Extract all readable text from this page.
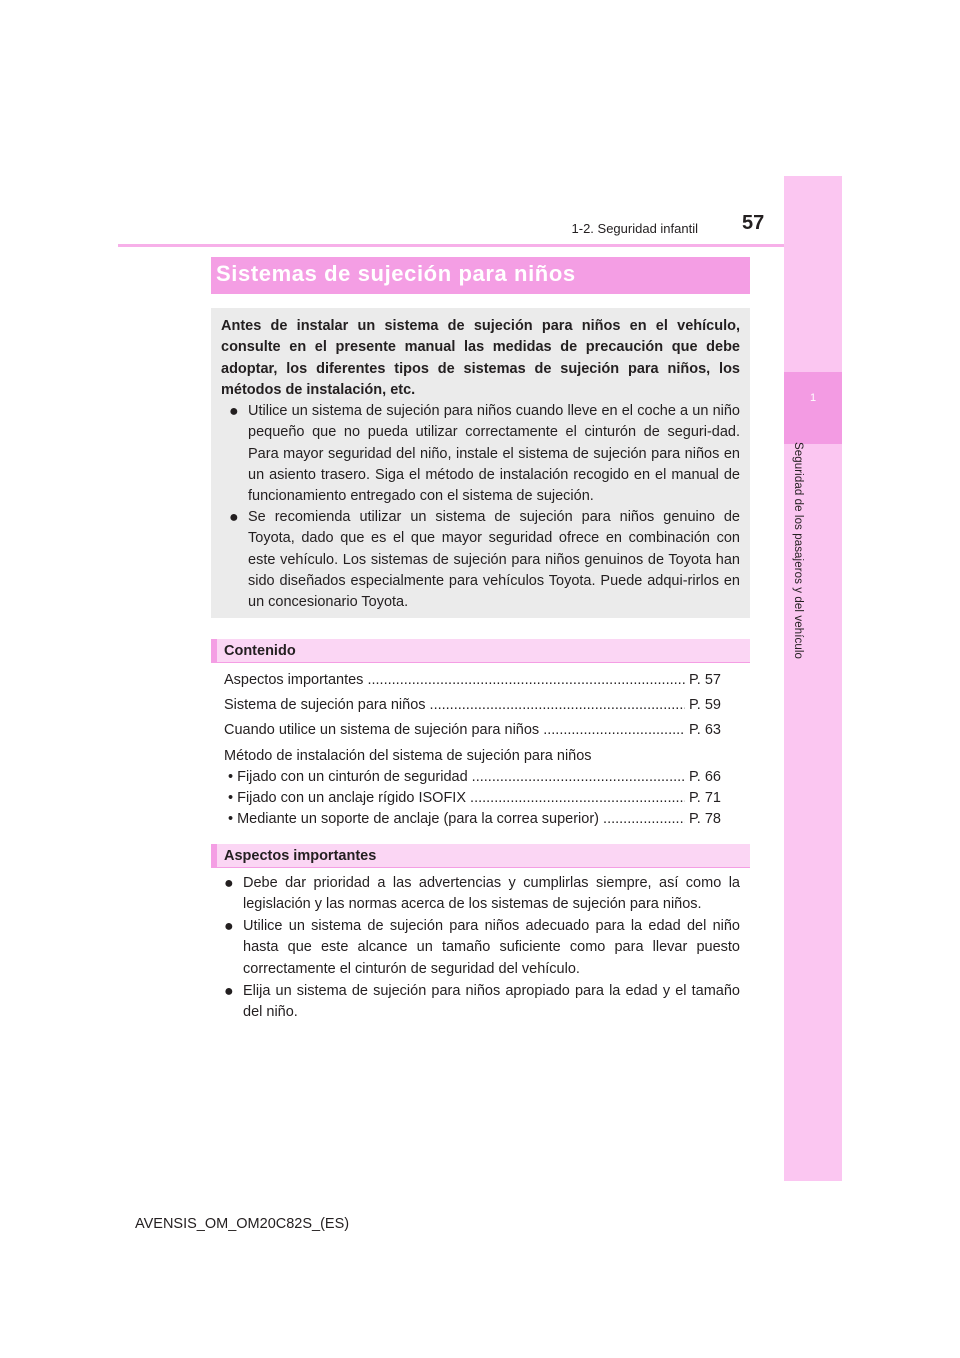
1
Seguridad de los pasajeros y del vehículo
1-2. Seguridad infantil 57
Sistemas de sujeción para niños
Antes de instalar un sistema de sujeción para niños en el vehículo, consulte en el presente manual las medidas de precaución que debe adoptar, los diferentes tipos de sistemas de sujeción para niños, los métodos de instalación, etc.
● Utilice un sistema de sujeción para niños cuando lleve en el coche a un niño pequeño que no pueda utilizar correctamente el cinturón de seguri-dad. Para mayor seguridad del niño, instale el sistema de sujeción para niños en un asiento trasero. Siga el método de instalación recogido en el manual de funcionamiento entregado con el sistema de sujeción.
● Se recomienda utilizar un sistema de sujeción para niños genuino de Toyota, dado que es el que mayor seguridad ofrece en combinación con este vehículo. Los sistemas de sujeción para niños genuinos de Toyota han sido diseñados especialmente para vehículos Toyota. Puede adqui-rirlos en un concesionario Toyota.
Contenido
Aspectos importantes .....	P. 57
Sistema de sujeción para niños .....	P. 59
Cuando utilice un sistema de sujeción para niños .....	P. 63
Método de instalación del sistema de sujeción para niños
• Fijado con un cinturón de seguridad .....	P. 66
• Fijado con un anclaje rígido ISOFIX .....	P. 71
• Mediante un soporte de anclaje (para la correa superior) .....	P. 78
Aspectos importantes
● Debe dar prioridad a las advertencias y cumplirlas siempre, así como la legislación y las normas acerca de los sistemas de sujeción para niños.
● Utilice un sistema de sujeción para niños adecuado para la edad del niño hasta que este alcance un tamaño suficiente como para llevar puesto correctamente el cinturón de seguridad del vehículo.
● Elija un sistema de sujeción para niños apropiado para la edad y el tamaño del niño.
AVENSIS_OM_OM20C82S_(ES)
